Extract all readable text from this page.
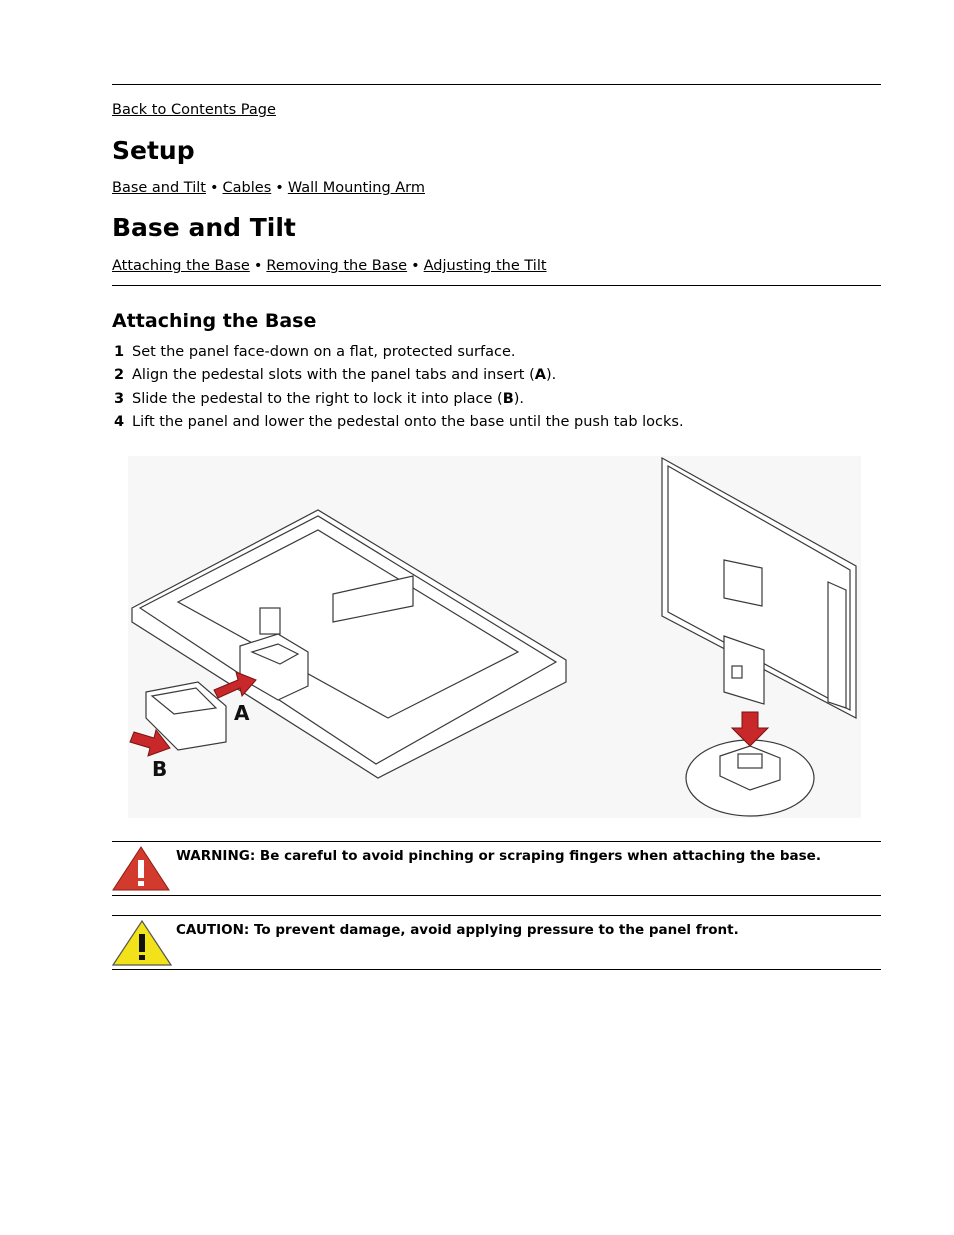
Back to Contents Page
Setup
Base and Tilt • Cables • Wall Mounting Arm
Base and Tilt
Attaching the Base • Removing the Base • Adjusting the Tilt
Attaching the Base
1 Set the panel face-down on a flat, protected surface.
2 Align the pedestal slots with the panel tabs and insert (A).
3 Slide the pedestal to the right to lock it into place (B).
4 Lift the panel and lower the pedestal onto the base until the push tab locks.
A
B
WARNING: Be careful to avoid pinching or scraping fingers when attaching the base.
CAUTION: To prevent damage, avoid applying pressure to the panel front.
